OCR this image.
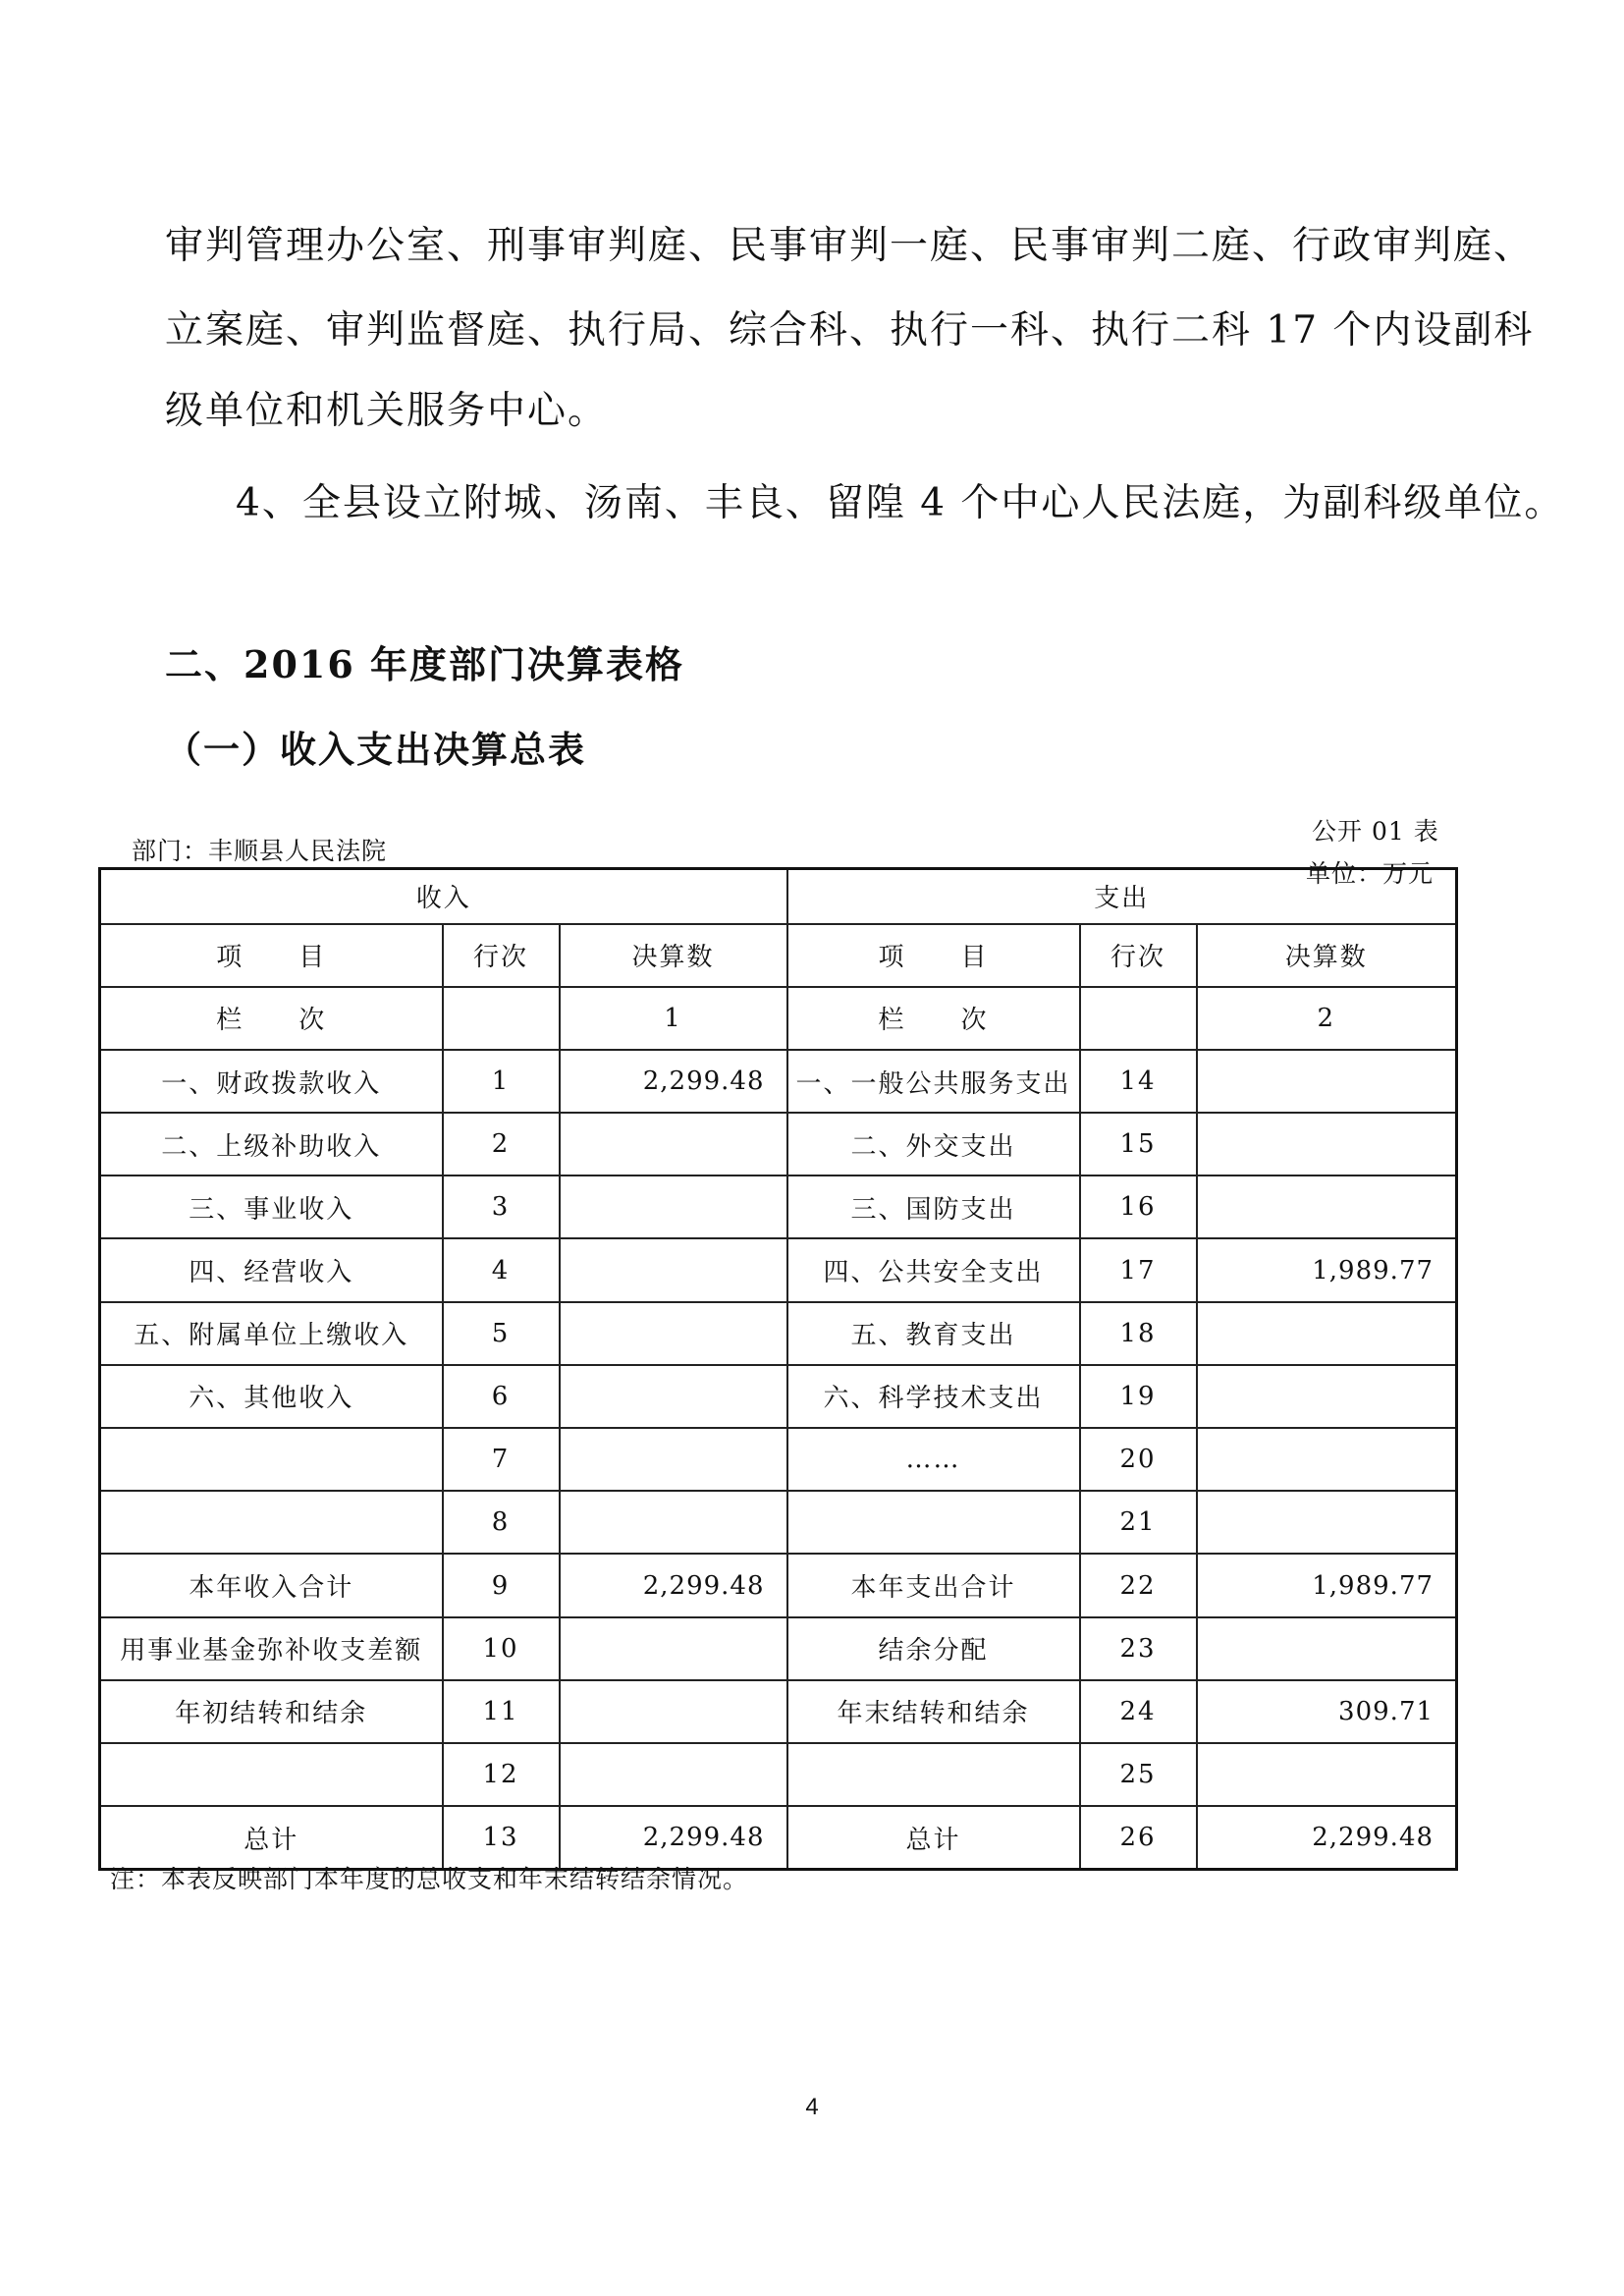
审判管理办公室、刑事审判庭、民事审判一庭、民事审判二庭、行政审判庭、
立案庭、审判监督庭、执行局、综合科、执行一科、执行二科 17 个内设副科
级单位和机关服务中心。
4、全县设立附城、汤南、丰良、留隍 4 个中心人民法庭，为副科级单位。
二、2016 年度部门决算表格
（一）收入支出决算总表
部门：丰顺县人民法院
公开 01 表
单位：万元
收入			支出		
项　　目	行次	决算数	项　　目	行次	决算数
栏　　次		1	栏　　次		2
一、财政拨款收入	1	2,299.48	一、一般公共服务支出	14	
二、上级补助收入	2		二、外交支出	15	
三、事业收入	3		三、国防支出	16	
四、经营收入	4		四、公共安全支出	17	1,989.77
五、附属单位上缴收入	5		五、教育支出	18	
六、其他收入	6		六、科学技术支出	19	
	7		……	20	
	8			21	
本年收入合计	9	2,299.48	本年支出合计	22	1,989.77
用事业基金弥补收支差额	10		结余分配	23	
年初结转和结余	11		年末结转和结余	24	309.71
	12			25	
总计	13	2,299.48	总计	26	2,299.48
注：本表反映部门本年度的总收支和年末结转结余情况。
4
